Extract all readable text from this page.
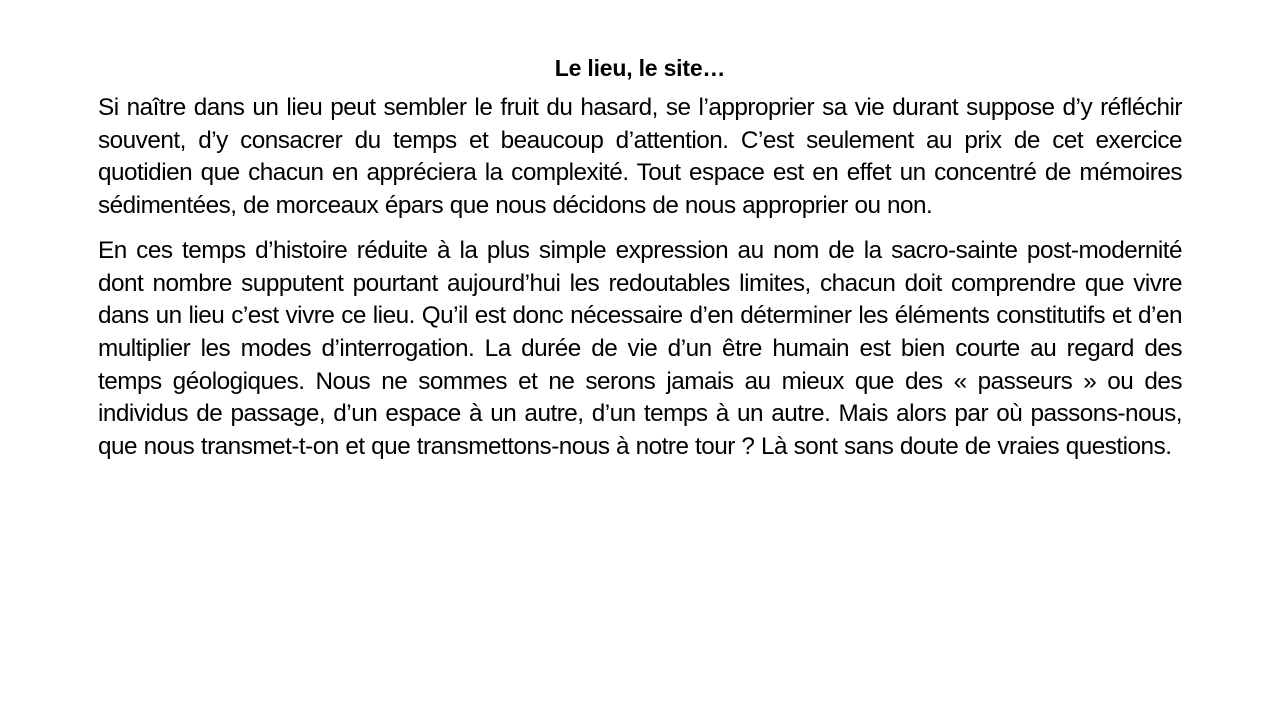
Le lieu, le site…

Si naître dans un lieu peut sembler le fruit du hasard, se l’approprier sa vie durant suppose d’y réfléchir souvent, d’y consacrer du temps et beaucoup d’attention. C’est seulement au prix de cet exercice quotidien que chacun en appréciera la complexité. Tout espace est en effet un concentré de mémoires sédimentées, de morceaux épars que nous décidons de nous approprier ou non.

En ces temps d’histoire réduite à la plus simple expression au nom de la sacro-sainte post-modernité dont nombre supputent pourtant aujourd’hui les redoutables limites, chacun doit comprendre que vivre dans un lieu c’est vivre ce lieu. Qu’il est donc nécessaire d’en déterminer les éléments constitutifs et d’en multiplier les modes d’interrogation. La durée de vie d’un être humain est bien courte au regard des temps géologiques. Nous ne sommes et ne serons jamais au mieux que des « passeurs » ou des individus de passage, d’un espace à un autre, d’un temps à un autre. Mais alors par où passons-nous, que nous transmet-t-on et que transmettons-nous à notre tour ? Là sont sans doute de vraies questions.
